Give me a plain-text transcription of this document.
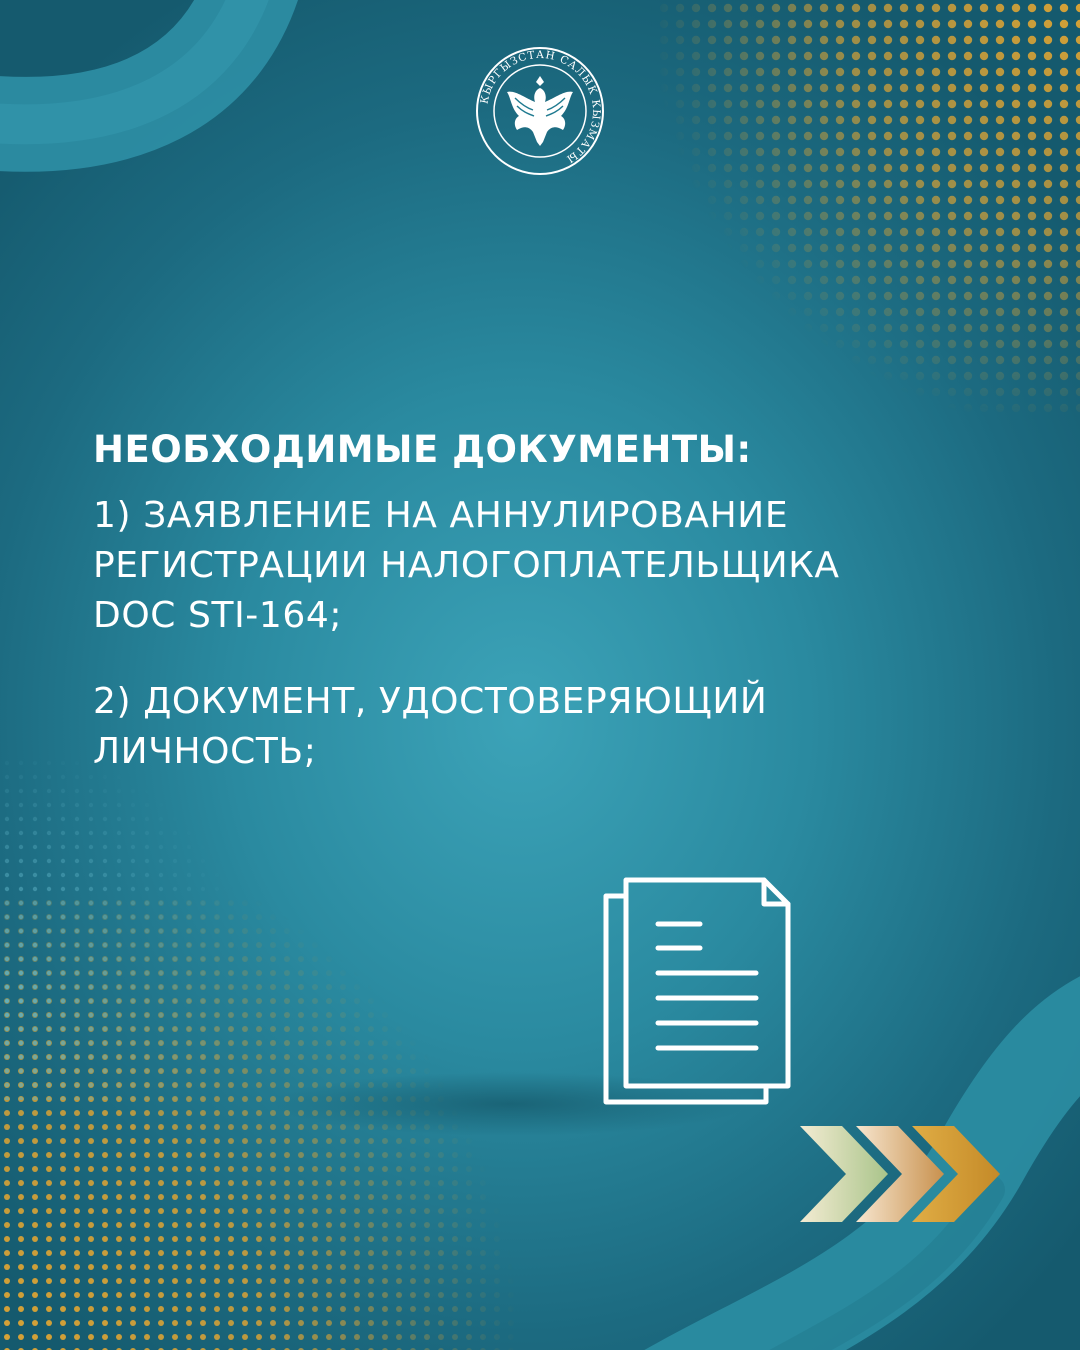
КЫРГЫЗСТАН САЛЫК КЫЗМАТЫ
НЕОБХОДИМЫЕ ДОКУМЕНТЫ:

1) ЗАЯВЛЕНИЕ НА АННУЛИРОВАНИЕ
РЕГИСТРАЦИИ НАЛОГОПЛАТЕЛЬЩИКА
DOC STI-164;

2) ДОКУМЕНТ, УДОСТОВЕРЯЮЩИЙ
ЛИЧНОСТЬ;
